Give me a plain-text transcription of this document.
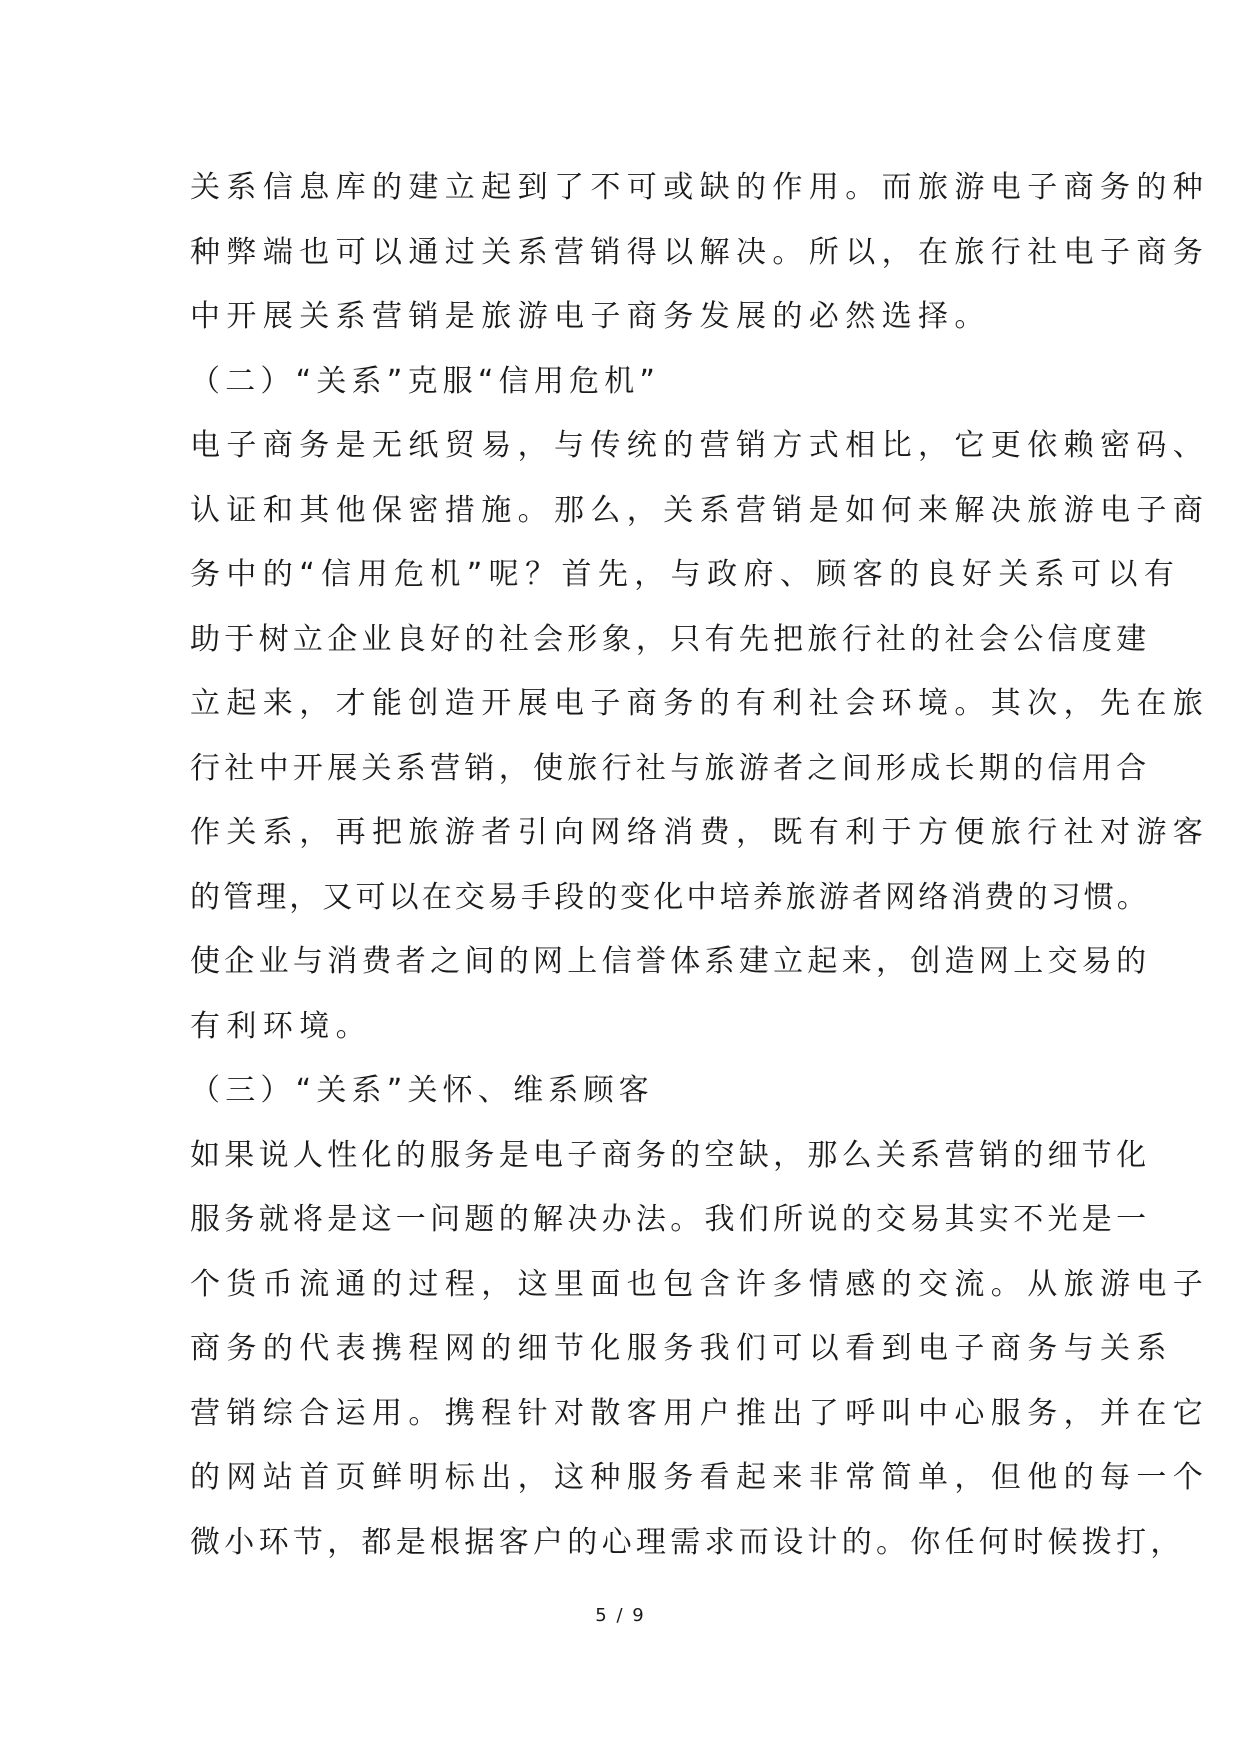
关系信息库的建立起到了不可或缺的作用。而旅游电子商务的种
种弊端也可以通过关系营销得以解决。所以，在旅行社电子商务
中开展关系营销是旅游电子商务发展的必然选择。
（二）“关系”克服“信用危机”
电子商务是无纸贸易，与传统的营销方式相比，它更依赖密码、
认证和其他保密措施。那么，关系营销是如何来解决旅游电子商
务中的“信用危机”呢？首先，与政府、顾客的良好关系可以有
助于树立企业良好的社会形象，只有先把旅行社的社会公信度建
立起来，才能创造开展电子商务的有利社会环境。其次，先在旅
行社中开展关系营销，使旅行社与旅游者之间形成长期的信用合
作关系，再把旅游者引向网络消费，既有利于方便旅行社对游客
的管理，又可以在交易手段的变化中培养旅游者网络消费的习惯。
使企业与消费者之间的网上信誉体系建立起来，创造网上交易的
有利环境。
（三）“关系”关怀、维系顾客
如果说人性化的服务是电子商务的空缺，那么关系营销的细节化
服务就将是这一问题的解决办法。我们所说的交易其实不光是一
个货币流通的过程，这里面也包含许多情感的交流。从旅游电子
商务的代表携程网的细节化服务我们可以看到电子商务与关系
营销综合运用。携程针对散客用户推出了呼叫中心服务，并在它
的网站首页鲜明标出，这种服务看起来非常简单，但他的每一个
微小环节，都是根据客户的心理需求而设计的。你任何时候拨打，
5 / 9
